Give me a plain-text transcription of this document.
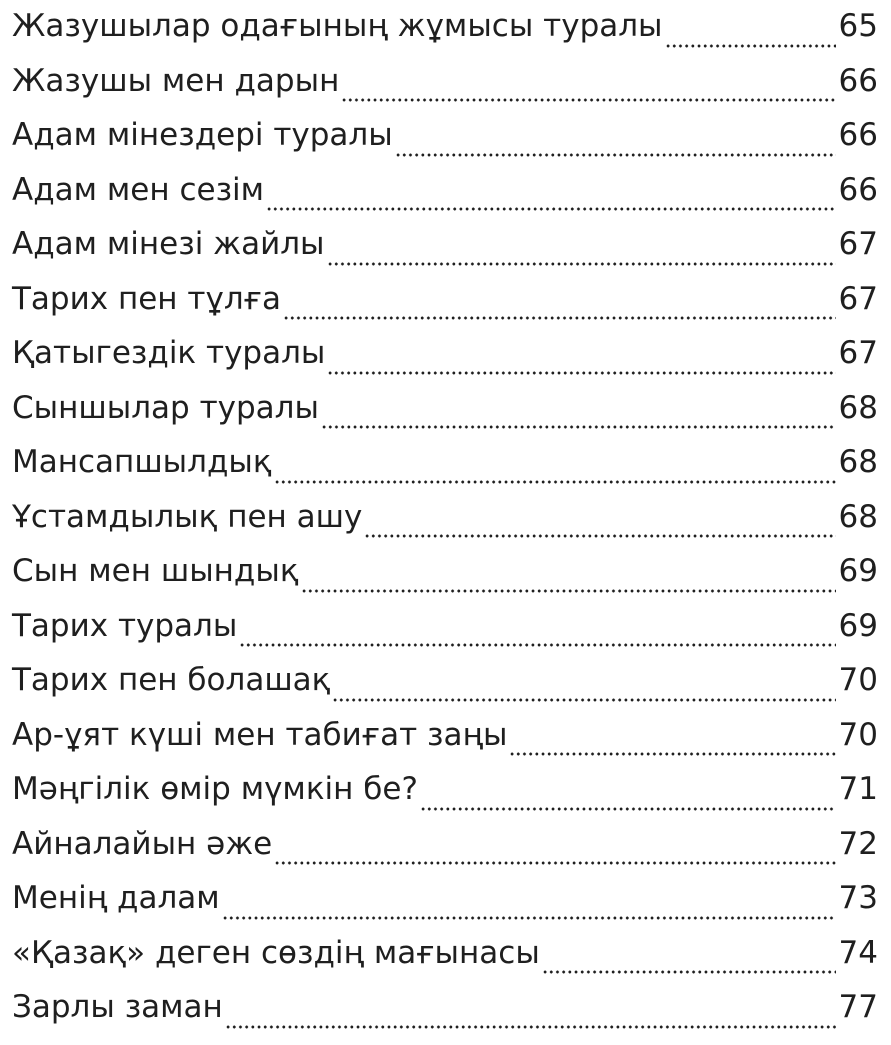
Жазушылар одағының жұмысы туралы	65
Жазушы мен дарын	66
Адам мінездері туралы	66
Адам мен сезім	66
Адам мінезі жайлы	67
Тарих пен тұлға	67
Қатыгездік туралы	67
Сыншылар туралы	68
Мансапшылдық	68
Ұстамдылық пен ашу	68
Сын мен шындық	69
Тарих туралы	69
Тарих пен болашақ	70
Ар-ұят күші мен табиғат заңы	70
Мәңгілік өмір мүмкін бе?	71
Айналайын әже	72
Менің далам	73
«Қазақ» деген сөздің мағынасы	74
Зарлы заман	77
